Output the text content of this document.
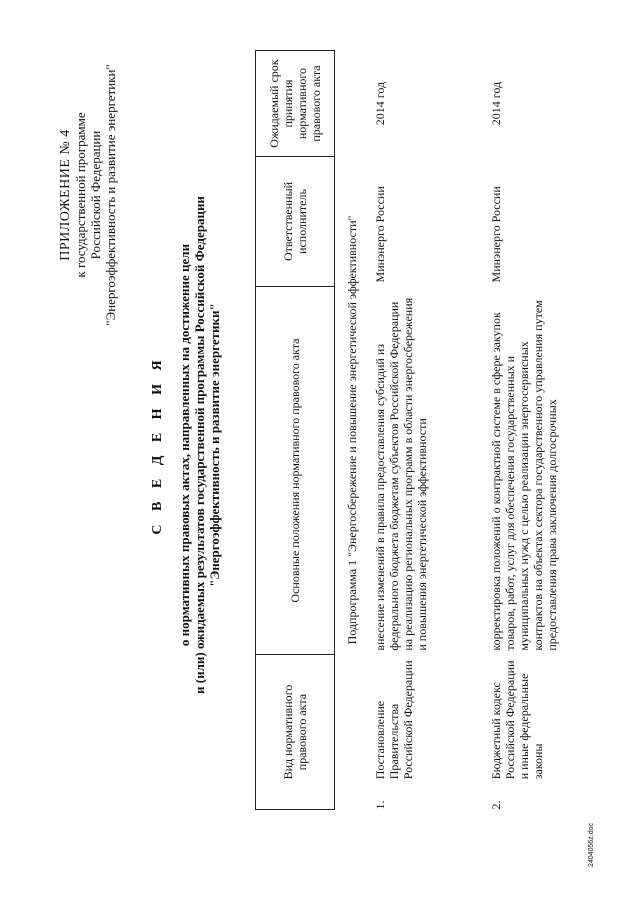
ПРИЛОЖЕНИЕ № 4 к государственной программе Российской Федерации "Энергоэффективность и развитие энергетики"
С В Е Д Е Н И Я о нормативных правовых актах, направленных на достижение цели и (или) ожидаемых результатов государственной программы Российской Федерации "Энергоэффективность и развитие энергетики"
Вид нормативного правового акта		Основные положения нормативного правового акта	Ответственный исполнитель	Ожидаемый срок принятия нормативного правового акта
Подпрограмма 1 "Энергосбережение и повышение энергетической эффективности"				
1.	Постановление Правительства Российской Федерации	внесение изменений в правила предоставления субсидий из федерального бюджета бюджетам субъектов Российской Федерации на реализацию региональных программ в области энергосбережения и повышения энергетической эффективности	Минэнерго России	2014 год
2.	Бюджетный кодекс Российской Федерации и иные федеральные законы	корректировка положений о контрактной системе в сфере закупок товаров, работ, услуг для обеспечения государственных и муниципальных нужд с целью реализации энергосервисных контрактов на объектах сектора государственного управления путем предоставления права заключения долгосрочных	Минэнерго России	2014 год
2404056z.doc
